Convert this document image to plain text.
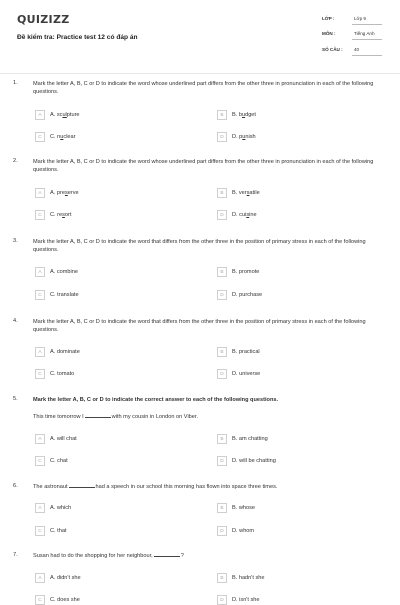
QUIZIZZ
Đề kiểm tra: Practice test 12 có đáp án
LỚP :	Lớp 9
MÔN :	Tiếng Anh
SỐ CÂU : 40
1.	Mark the letter A, B, C or D to indicate the word whose underlined part differs from the other three in pronunciation in each of the following questions.
A	A. sculpture	B	B. budget
C	C. nuclear	D	D. punish
2.	Mark the letter A, B, C or D to indicate the word whose underlined part differs from the other three in pronunciation in each of the following questions.
A	A. preserve	B	B. versatile
C	C. resort	D	D. cuisine
3.	Mark the letter A, B, C or D to indicate the word that differs from the other three in the position of primary stress in each of the following questions.
A	A. combine	B	B. promote
C	C. translate	D	D. purchase
4.	Mark the letter A, B, C or D to indicate the word that differs from the other three in the position of primary stress in each of the following questions.
A	A. dominate	B	B. practical
C	C. tomato	D	D. universe
5.	Mark the letter A, B, C or D to indicate the correct answer to each of the following questions.
This time tomorrow I	with my cousin in London on Viber.
A	A. will chat	B	B. am chatting
C	C. chat	D	D. will be chatting
6.	The astronaut	had a speech in our school this morning has flown into space three times.
A	A. which	B	B. whose
C	C. that	D	D. whom
7.	Susan had to do the shopping for her neighbour,	?
A	A. didn't she	B	B. hadn't she
C	C. does she	D	D. isn't she
